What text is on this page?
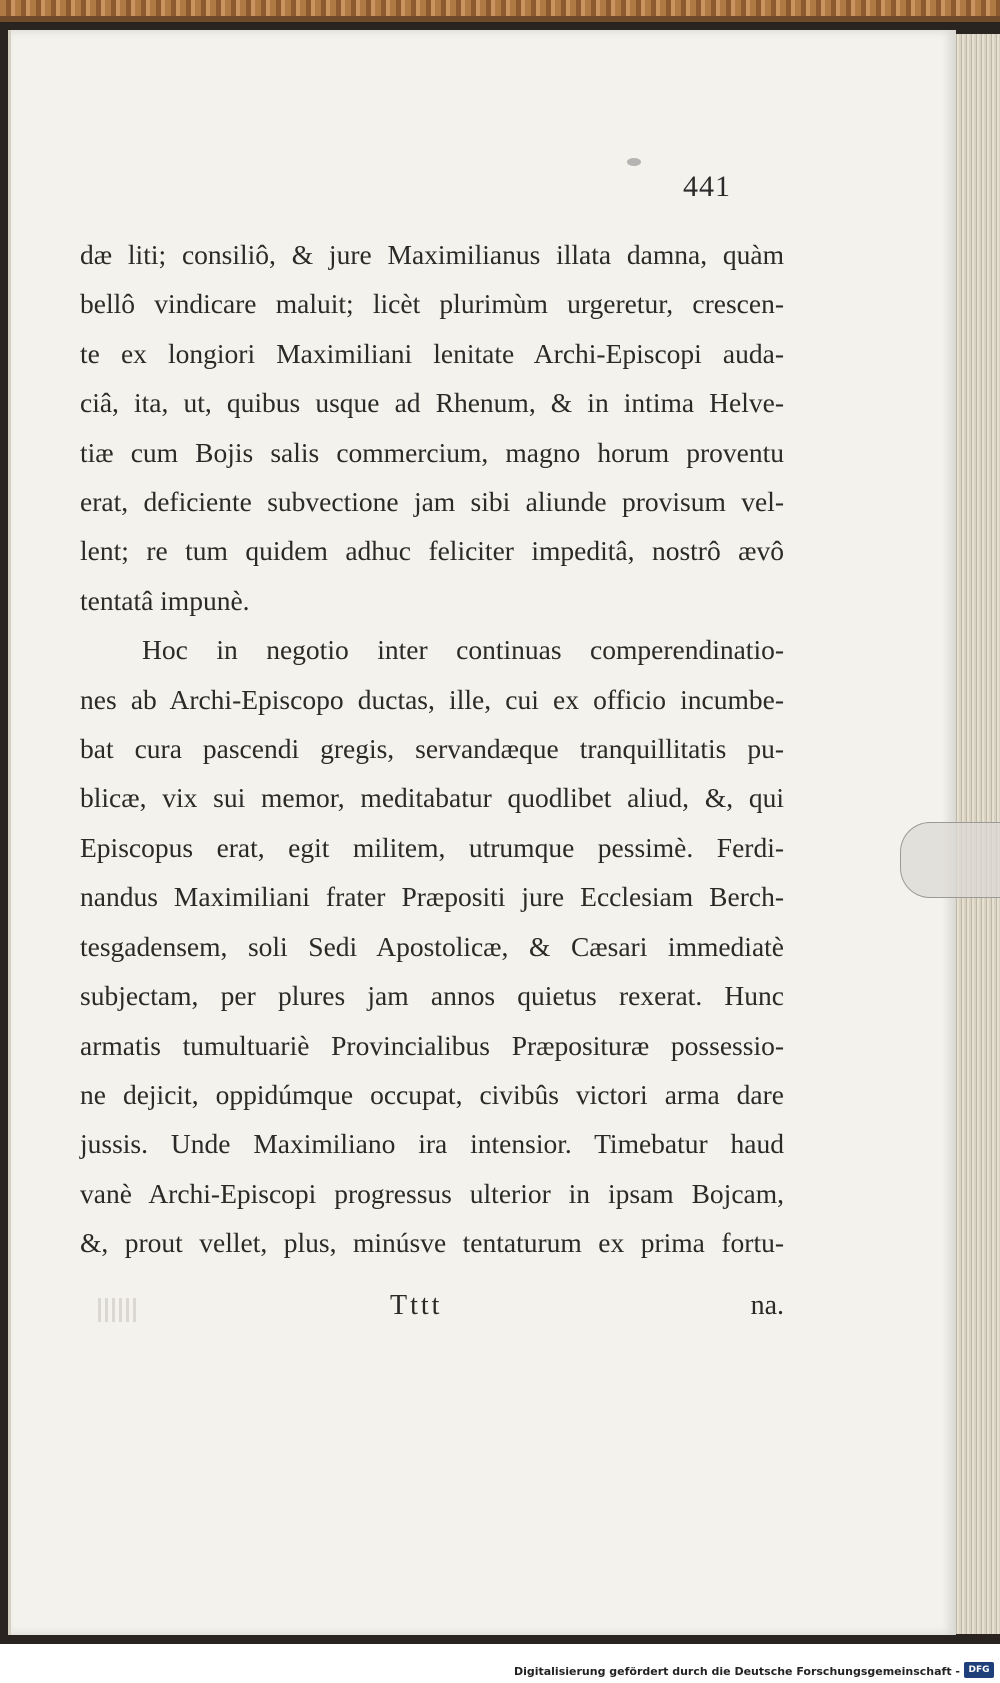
441
dæ liti; consiliô, & jure Maximilianus illata damna, quàm
bellô vindicare maluit; licèt plurimùm urgeretur, crescen-
te ex longiori Maximiliani lenitate Archi-Episcopi auda-
ciâ, ita, ut, quibus usque ad Rhenum, & in intima Helve-
tiæ cum Bojis salis commercium, magno horum proventu
erat, deficiente subvectione jam sibi aliunde provisum vel-
lent; re tum quidem adhuc feliciter impeditâ, nostrô ævô
tentatâ impunè.
Hoc in negotio inter continuas comperendinatio-
nes ab Archi-Episcopo ductas, ille, cui ex officio incumbe-
bat cura pascendi gregis, servandæque tranquillitatis pu-
blicæ, vix sui memor, meditabatur quodlibet aliud, &, qui
Episcopus erat, egit militem, utrumque pessimè. Ferdi-
nandus Maximiliani frater Præpositi jure Ecclesiam Berch-
tesgadensem, soli Sedi Apostolicæ, & Cæsari immediatè
subjectam, per plures jam annos quietus rexerat. Hunc
armatis tumultuariè Provincialibus Præposituræ possessio-
ne dejicit, oppidúmque occupat, civibûs victori arma dare
jussis. Unde Maximiliano ira intensior. Timebatur haud
vanè Archi-Episcopi progressus ulterior in ipsam Bojcam,
&, prout vellet, plus, minúsve tentaturum ex prima fortu-
Tttt	na.
Digitalisierung gefördert durch die Deutsche Forschungsgemeinschaft - DFG
